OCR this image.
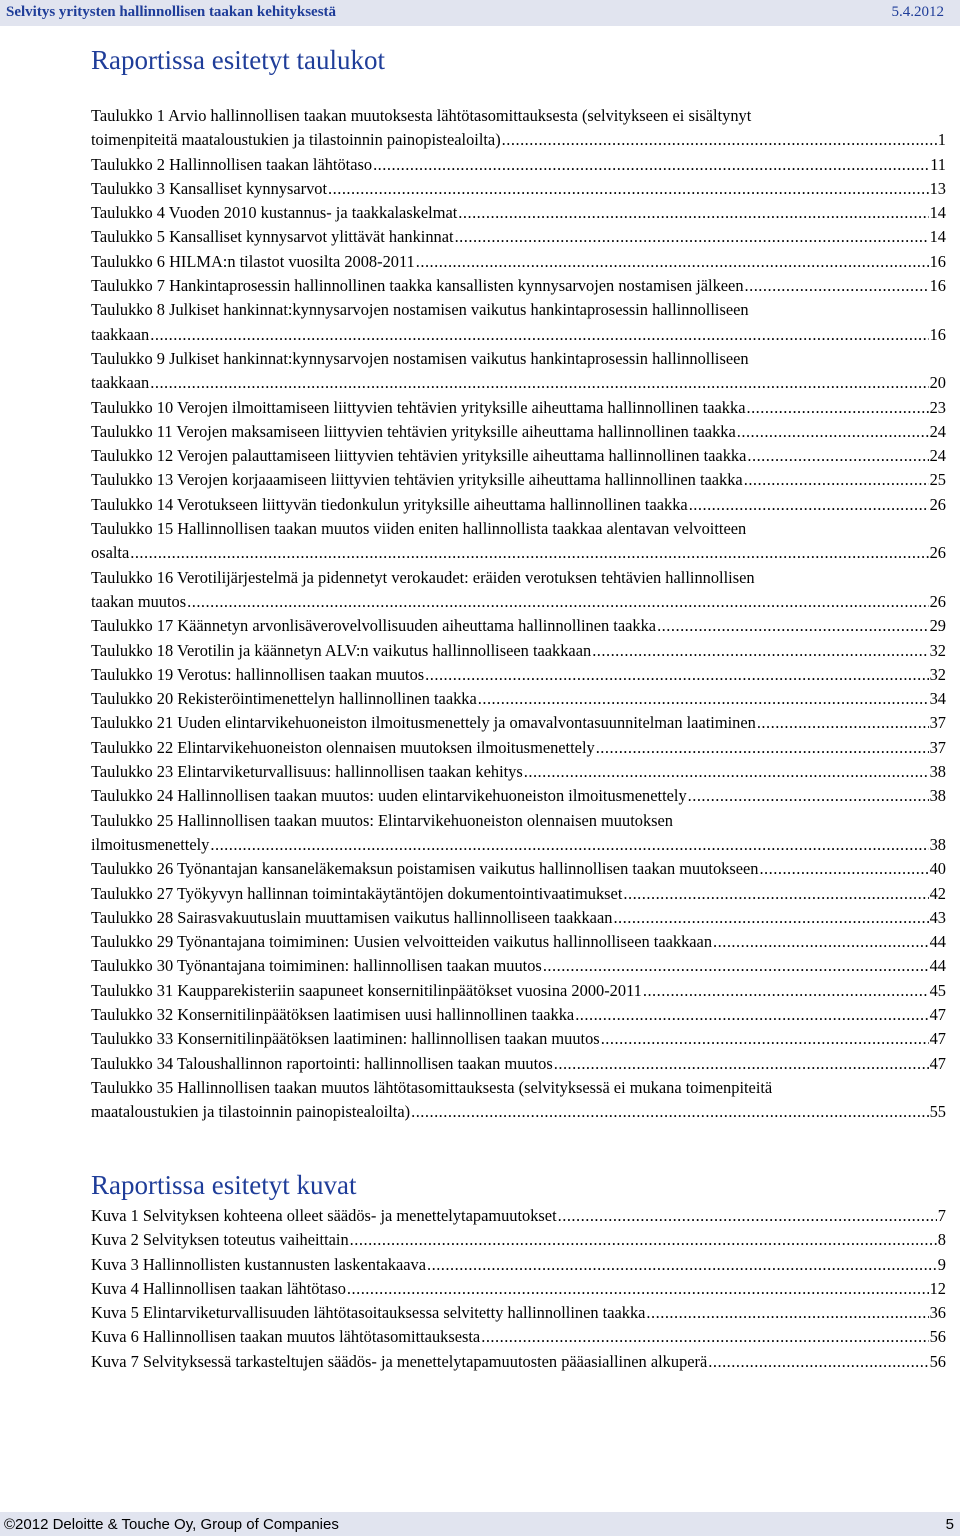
Selvitys yritysten hallinnollisen taakan kehityksestä	5.4.2012
Raportissa esitetyt taulukot
Taulukko 1 Arvio hallinnollisen taakan muutoksesta lähtötasomittauksesta (selvitykseen ei sisältynyt
toimenpiteitä maataloustukien ja tilastoinnin painopistealoilta) .....	1
Taulukko 2 Hallinnollisen taakan lähtötaso .....	11
Taulukko 3 Kansalliset kynnysarvot .....	13
Taulukko 4 Vuoden 2010 kustannus- ja taakkalaskelmat .....	14
Taulukko 5 Kansalliset kynnysarvot ylittävät hankinnat .....	14
Taulukko 6 HILMA:n tilastot vuosilta 2008-2011 .....	16
Taulukko 7 Hankintaprosessin hallinnollinen taakka kansallisten kynnysarvojen nostamisen jälkeen .....	16
Taulukko 8 Julkiset hankinnat:kynnysarvojen nostamisen vaikutus hankintaprosessin hallinnolliseen
taakkaan .....	16
Taulukko 9 Julkiset hankinnat:kynnysarvojen nostamisen vaikutus hankintaprosessin hallinnolliseen
taakkaan .....	20
Taulukko 10 Verojen ilmoittamiseen liittyvien tehtävien yrityksille aiheuttama hallinnollinen taakka .....	23
Taulukko 11 Verojen maksamiseen liittyvien tehtävien yrityksille aiheuttama hallinnollinen taakka .....	24
Taulukko 12 Verojen palauttamiseen liittyvien tehtävien yrityksille aiheuttama hallinnollinen taakka .....	24
Taulukko 13 Verojen korjaaamiseen liittyvien tehtävien yrityksille aiheuttama hallinnollinen taakka .....	25
Taulukko 14 Verotukseen liittyvän tiedonkulun yrityksille aiheuttama hallinnollinen taakka .....	26
Taulukko 15 Hallinnollisen taakan muutos viiden eniten hallinnollista taakkaa alentavan velvoitteen
osalta .....	26
Taulukko 16 Verotilijärjestelmä ja pidennetyt verokaudet: eräiden verotuksen tehtävien hallinnollisen
taakan muutos .....	26
Taulukko 17 Käännetyn arvonlisäverovelvollisuuden aiheuttama hallinnollinen taakka .....	29
Taulukko 18 Verotilin ja käännetyn ALV:n vaikutus hallinnolliseen taakkaan .....	32
Taulukko 19 Verotus: hallinnollisen taakan muutos .....	32
Taulukko 20 Rekisteröintimenettelyn hallinnollinen taakka .....	34
Taulukko 21 Uuden elintarvikehuoneiston ilmoitusmenettely ja omavalvontasuunnitelman laatiminen .....	37
Taulukko 22 Elintarvikehuoneiston olennaisen muutoksen ilmoitusmenettely .....	37
Taulukko 23 Elintarviketurvallisuus: hallinnollisen taakan kehitys .....	38
Taulukko 24 Hallinnollisen taakan muutos: uuden elintarvikehuoneiston ilmoitusmenettely .....	38
Taulukko 25 Hallinnollisen taakan muutos: Elintarvikehuoneiston olennaisen muutoksen
ilmoitusmenettely .....	38
Taulukko 26 Työnantajan kansaneläkemaksun poistamisen vaikutus hallinnollisen taakan muutokseen .....	40
Taulukko 27 Työkyvyn hallinnan toimintakäytäntöjen dokumentointivaatimukset .....	42
Taulukko 28 Sairasvakuutuslain muuttamisen vaikutus hallinnolliseen taakkaan .....	43
Taulukko 29 Työnantajana toimiminen: Uusien velvoitteiden vaikutus hallinnolliseen taakkaan .....	44
Taulukko 30 Työnantajana toimiminen: hallinnollisen taakan muutos .....	44
Taulukko 31 Kaupparekisteriin saapuneet konsernitilinpäätökset vuosina 2000-2011 .....	45
Taulukko 32 Konsernitilinpäätöksen laatimisen uusi hallinnollinen taakka .....	47
Taulukko 33 Konsernitilinpäätöksen laatiminen: hallinnollisen taakan muutos .....	47
Taulukko 34 Taloushallinnon raportointi: hallinnollisen taakan muutos .....	47
Taulukko 35 Hallinnollisen taakan muutos lähtötasomittauksesta (selvityksessä ei mukana toimenpiteitä
maataloustukien ja tilastoinnin painopistealoilta) .....	55
Raportissa esitetyt kuvat
Kuva 1 Selvityksen kohteena olleet säädös- ja menettelytapamuutokset .....	7
Kuva 2 Selvityksen toteutus vaiheittain .....	8
Kuva 3 Hallinnollisten kustannusten laskentakaava .....	9
Kuva 4 Hallinnollisen taakan lähtötaso .....	12
Kuva 5 Elintarviketurvallisuuden lähtötasoitauksessa selvitetty hallinnollinen taakka .....	36
Kuva 6 Hallinnollisen taakan muutos lähtötasomittauksesta .....	56
Kuva 7 Selvityksessä tarkasteltujen säädös- ja menettelytapamuutosten pääasiallinen alkuperä .....	56
©2012 Deloitte & Touche Oy, Group of Companies	5
